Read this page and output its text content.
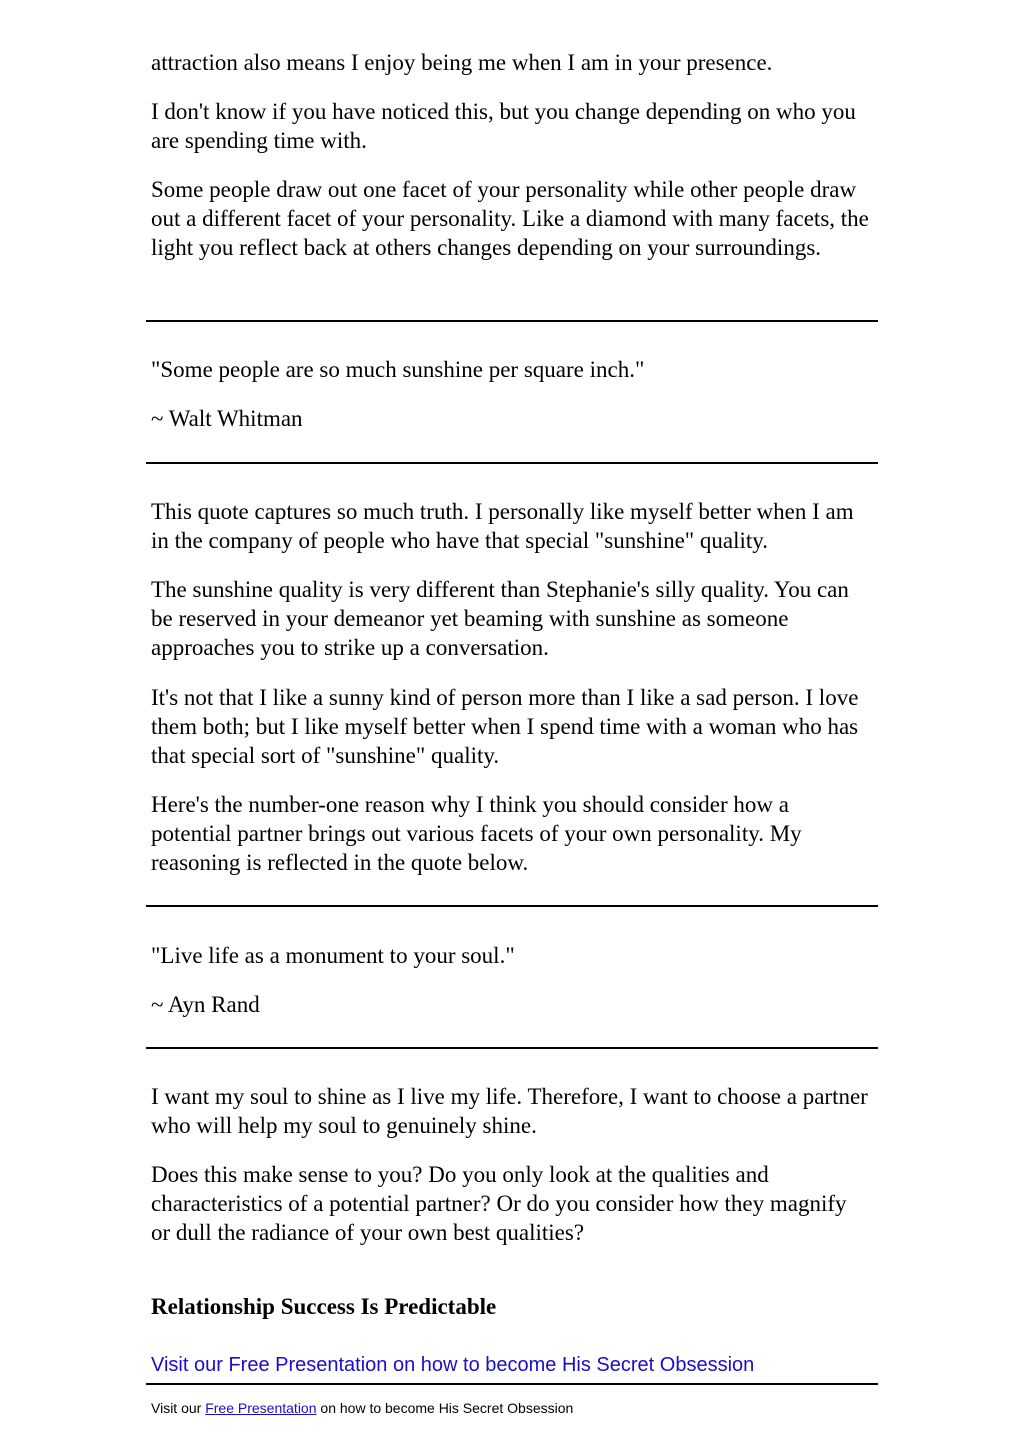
attraction also means I enjoy being me when I am in your presence.

I don't know if you have noticed this, but you change depending on who you are spending time with.

Some people draw out one facet of your personality while other people draw out a different facet of your personality. Like a diamond with many facets, the light you reflect back at others changes depending on your surroundings.

"Some people are so much sunshine per square inch."

~ Walt Whitman

This quote captures so much truth. I personally like myself better when I am in the company of people who have that special "sunshine" quality.

The sunshine quality is very different than Stephanie's silly quality. You can be reserved in your demeanor yet beaming with sunshine as someone approaches you to strike up a conversation.

It's not that I like a sunny kind of person more than I like a sad person. I love them both; but I like myself better when I spend time with a woman who has that special sort of "sunshine" quality.

Here's the number-one reason why I think you should consider how a potential partner brings out various facets of your own personality. My reasoning is reflected in the quote below.

"Live life as a monument to your soul."

~ Ayn Rand

I want my soul to shine as I live my life. Therefore, I want to choose a partner who will help my soul to genuinely shine.

Does this make sense to you? Do you only look at the qualities and characteristics of a potential partner? Or do you consider how they magnify or dull the radiance of your own best qualities?

Relationship Success Is Predictable
Visit our Free Presentation on how to become His Secret Obsession

Visit our Free Presentation on how to become His Secret Obsession
